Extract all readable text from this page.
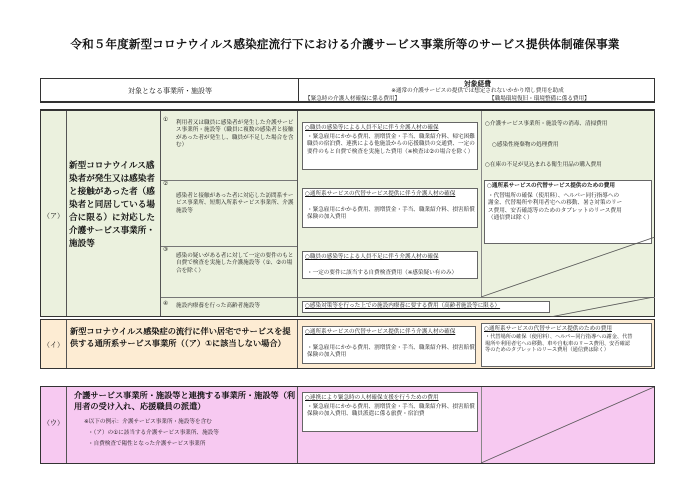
令和５年度新型コロナウイルス感染症流行下における介護サービス事業所等のサービス提供体制確保事業
対象となる事業所・施設等
対象経費
※通常の介護サービスの提供では想定されないかかり増し費用を助成
【緊急時の介護人材確保に係る費用】	【職場環境復旧・環境整備に係る費用】
（ア）
新型コロナウイルス感染者が発生又は感染者と接触があった者（感染者と同居している場合に限る）に対応した介護サービス事業所・施設等
① 利用者又は職員に感染者が発生した介護サービス事業所・施設等（職員に複数の感染者と接触があった者が発生し、職員が不足した場合を含む）
②
感染者と接触があった者に対応した訪問系サービス事業所、短期入所系サービス事業所、介護施設等
③
感染の疑いがある者に対して一定の要件のもと自費で検査を実施した介護施設等（①、②の場合を除く）
④ 施設内療養を行った高齢者施設等
○職員の感染等による人員不足に伴う介護人材の確保
・緊急雇用にかかる費用、割増賃金・手当、職業紹介料、帰宅困難職員の宿泊費、連携による他施設からの応援職員の交通費、一定の要件のもと自費で検査を実施した費用（※検査は②の場合を除く）
○通所系サービスの代替サービス提供に伴う介護人材の確保
・緊急雇用にかかる費用、割増賃金・手当、職業紹介料、損害賠償保険の加入費用
○職員の感染等による人員不足に伴う介護人材の確保
・一定の要件に該当する自費検査費用（※感染疑い有のみ）
○感染対策等を行った上での施設内療養に要する費用（高齢者施設等に限る）
○介護サービス事業所・施設等の消毒、清掃費用
○感染性廃棄物の処理費用
○在庫の不足が見込まれる衛生用品の購入費用
○通所系サービスの代替サービス提供のための費用
・代替場所の確保（使用料）、ヘルパー同行指導への謝金、代替場所や利用者宅への移動、暑さ対策のリース費用、安否確認等のためのタブレットのリース費用（通信費は除く）
（イ）
新型コロナウイルス感染症の流行に伴い居宅でサービスを提供する通所系サービス事業所（（ア）①に該当しない場合）
○通所系サービスの代替サービス提供に伴う介護人材の確保
・緊急雇用にかかる費用、割増賃金・手当、職業紹介料、損害賠償保険の加入費用
○通所系サービスの代替サービス提供のための費用
・代替場所の確保（使用料）、ヘルパー同行指導への謝金、代替場所や利用者宅への移動、車や自転車のリース費用、安否確認等のためのタブレットのリース費用（通信費は除く）
（ウ）
介護サービス事業所・施設等と連携する事業所・施設等（利用者の受け入れ、応援職員の派遣）
※以下の例示：介護サービス事業所・施設等を含む
・（ア）の①に該当する介護サービス事業所、施設等
・自費検査で陽性となった介護サービス事業所
○連携により緊急時の人材確保支援を行うための費用
・緊急雇用にかかる費用、割増賃金・手当、職業紹介料、損害賠償保険の加入費用、職員派遣に係る旅費・宿泊費
